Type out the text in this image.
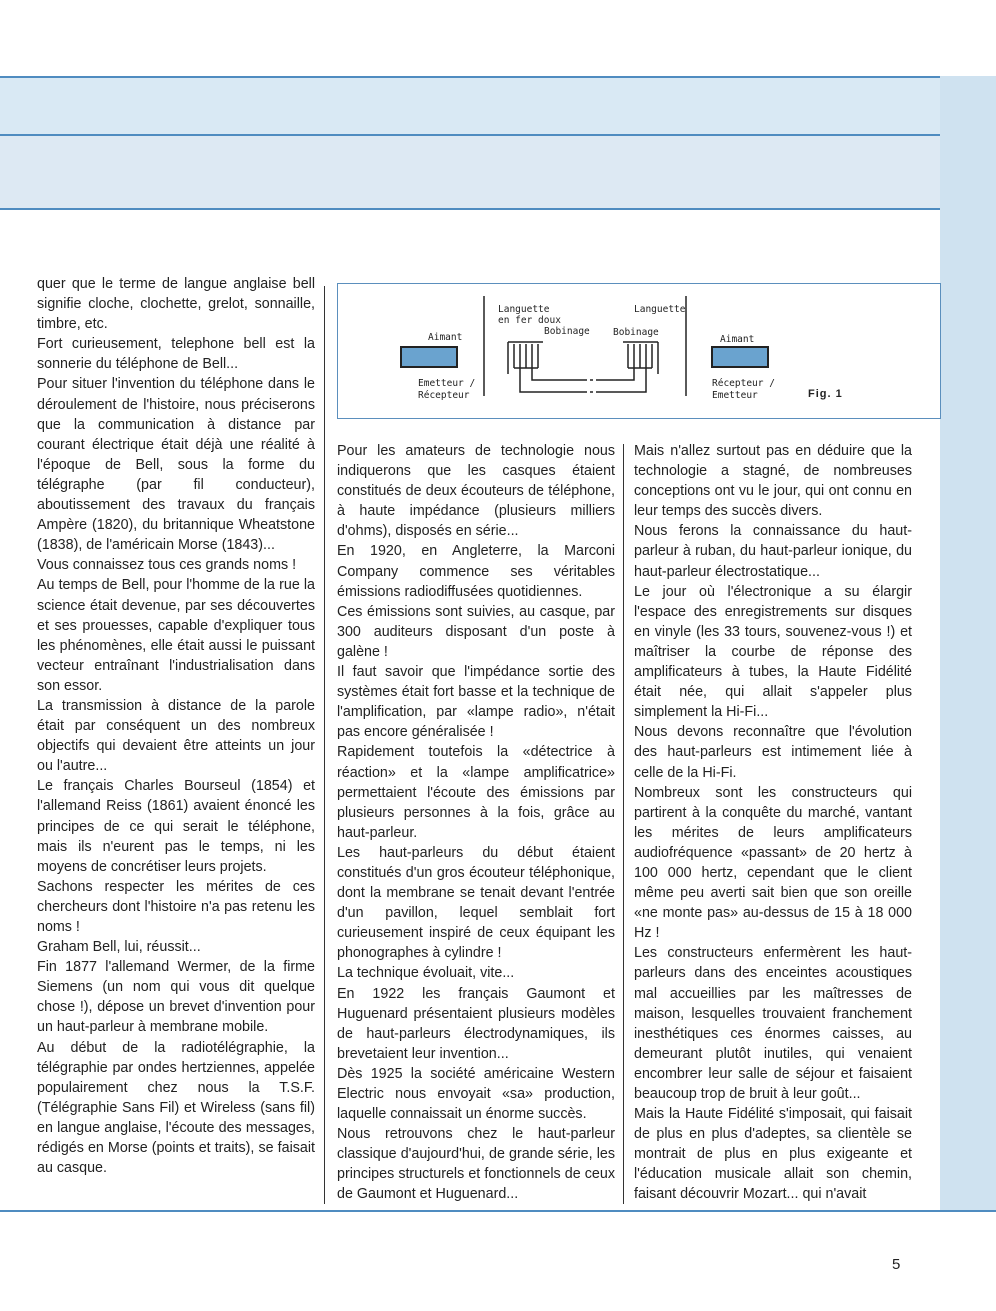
Aimant
Emetteur /
Récepteur
Languette
en fer doux
Bobinage
Languette
Bobinage
Aimant
Récepteur /
Emetteur	Fig. 1

quer que le terme de langue anglaise bell signifie cloche, clochette, grelot, sonnaille, timbre, etc.

Fort curieusement, telephone bell est la sonnerie du téléphone de Bell...

Pour situer l'invention du téléphone dans le déroulement de l'histoire, nous préciserons que la communication à distance par courant électrique était déjà une réalité à l'époque de Bell, sous la forme du télégraphe (par fil conducteur), aboutissement des travaux du français Ampère (1820), du britannique Wheatstone (1838), de l'américain Morse (1843)...

Vous connaissez tous ces grands noms !

Au temps de Bell, pour l'homme de la rue la science était devenue, par ses découvertes et ses prouesses, capable d'expliquer tous les phénomènes, elle était aussi le puissant vecteur entraînant l'industrialisation dans son essor.

La transmission à distance de la parole était par conséquent un des nombreux objectifs qui devaient être atteints un jour ou l'autre...

Le français Charles Bourseul (1854) et l'allemand Reiss (1861) avaient énoncé les principes de ce qui serait le téléphone, mais ils n'eurent pas le temps, ni les moyens de concrétiser leurs projets.

Sachons respecter les mérites de ces chercheurs dont l'histoire n'a pas retenu les noms !

Graham Bell, lui, réussit...

Fin 1877 l'allemand Wermer, de la firme Siemens (un nom qui vous dit quelque chose !), dépose un brevet d'invention pour un haut-parleur à membrane mobile.

Au début de la radiotélégraphie, la télégraphie par ondes hertziennes, appelée populairement chez nous la T.S.F. (Télégraphie Sans Fil) et Wireless (sans fil) en langue anglaise, l'écoute des messages, rédigés en Morse (points et traits), se faisait au casque.

Pour les amateurs de technologie nous indiquerons que les casques étaient constitués de deux écouteurs de téléphone, à haute impédance (plusieurs milliers d'ohms), disposés en série...

En 1920, en Angleterre, la Marconi Company commence ses véritables émissions radiodiffusées quotidiennes.

Ces émissions sont suivies, au casque, par 300 auditeurs disposant d'un poste à galène !

Il faut savoir que l'impédance sortie des systèmes était fort basse et la technique de l'amplification, par «lampe radio», n'était pas encore généralisée !

Rapidement toutefois la «détectrice à réaction» et la «lampe amplificatrice» permettaient l'écoute des émissions par plusieurs personnes à la fois, grâce au haut-parleur.

Les haut-parleurs du début étaient constitués d'un gros écouteur téléphonique, dont la membrane se tenait devant l'entrée d'un pavillon, lequel semblait fort curieusement inspiré de ceux équipant les phonographes à cylindre !

La technique évoluait, vite...

En 1922 les français Gaumont et Huguenard présentaient plusieurs modèles de haut-parleurs électrodynamiques, ils brevetaient leur invention...

Dès 1925 la société américaine Western Electric nous envoyait «sa» production, laquelle connaissait un énorme succès.

Nous retrouvons chez le haut-parleur classique d'aujourd'hui, de grande série, les principes structurels et fonctionnels de ceux de Gaumont et Huguenard...

Mais n'allez surtout pas en déduire que la technologie a stagné, de nombreuses conceptions ont vu le jour, qui ont connu en leur temps des succès divers.

Nous ferons la connaissance du haut-parleur à ruban, du haut-parleur ionique, du haut-parleur électrostatique...

Le jour où l'électronique a su élargir l'espace des enregistrements sur disques en vinyle (les 33 tours, souvenez-vous !) et maîtriser la courbe de réponse des amplificateurs à tubes, la Haute Fidélité était née, qui allait s'appeler plus simplement la Hi-Fi...

Nous devons reconnaître que l'évolution des haut-parleurs est intimement liée à celle de la Hi-Fi.

Nombreux sont les constructeurs qui partirent à la conquête du marché, vantant les mérites de leurs amplificateurs audiofréquence «passant» de 20 hertz à 100 000 hertz, cependant que le client même peu averti sait bien que son oreille «ne monte pas» au-dessus de 15 à 18 000 Hz !

Les constructeurs enfermèrent les haut-parleurs dans des enceintes acoustiques mal accueillies par les maîtresses de maison, lesquelles trouvaient franchement inesthétiques ces énormes caisses, au demeurant plutôt inutiles, qui venaient encombrer leur salle de séjour et faisaient beaucoup trop de bruit à leur goût...

Mais la Haute Fidélité s'imposait, qui faisait de plus en plus d'adeptes, sa clientèle se montrait de plus en plus exigeante et l'éducation musicale allait son chemin, faisant découvrir Mozart... qui n'avait

5
